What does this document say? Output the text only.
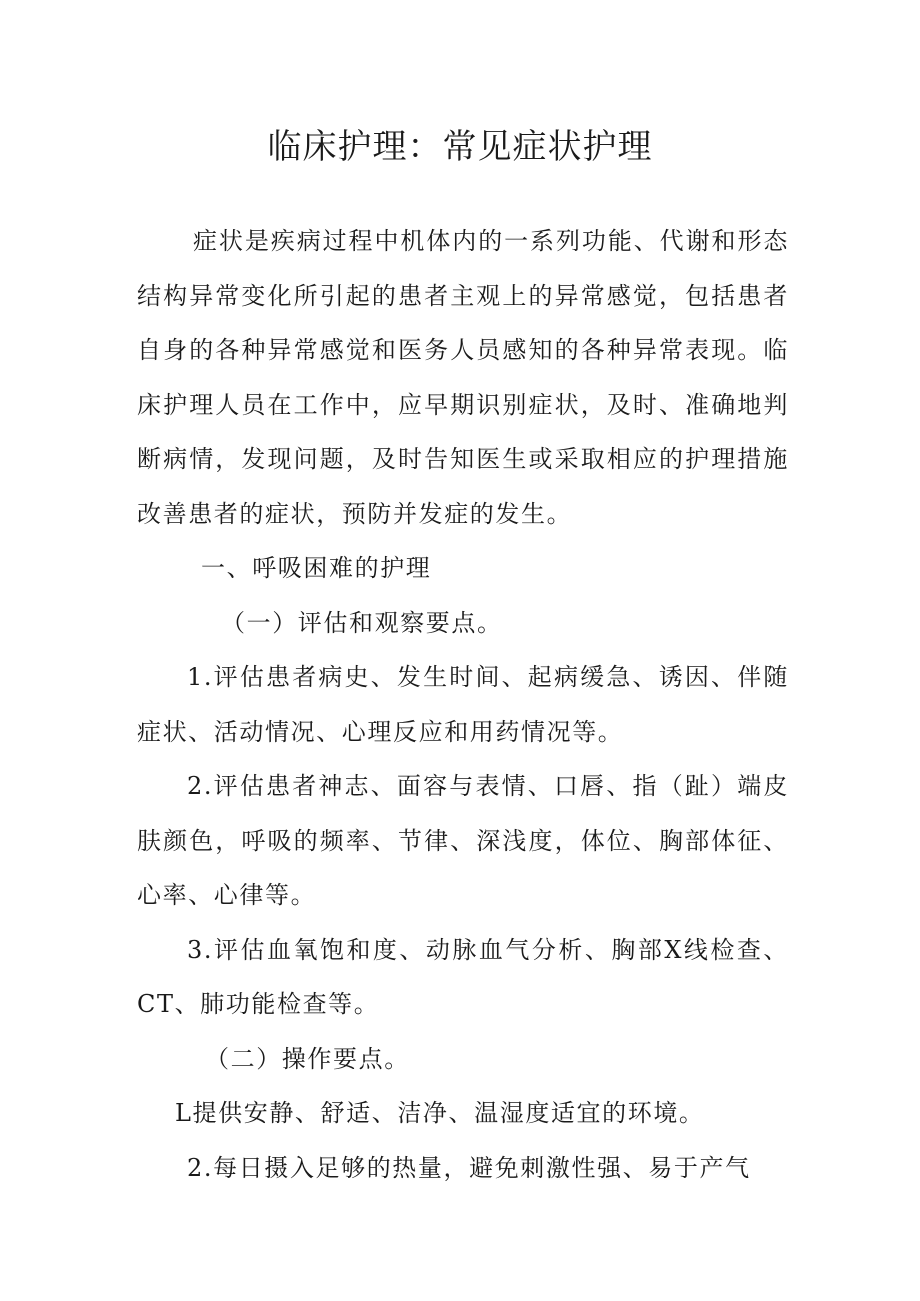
临床护理：常见症状护理

症状是疾病过程中机体内的一系列功能、代谢和形态结构异常变化所引起的患者主观上的异常感觉，包括患者自身的各种异常感觉和医务人员感知的各种异常表现。临床护理人员在工作中，应早期识别症状，及时、准确地判断病情，发现问题，及时告知医生或采取相应的护理措施改善患者的症状，预防并发症的发生。

一、呼吸困难的护理

（一）评估和观察要点。

1.评估患者病史、发生时间、起病缓急、诱因、伴随症状、活动情况、心理反应和用药情况等。

2.评估患者神志、面容与表情、口唇、指（趾）端皮肤颜色，呼吸的频率、节律、深浅度，体位、胸部体征、心率、心律等。

3.评估血氧饱和度、动脉血气分析、胸部X线检查、CT、肺功能检查等。

（二）操作要点。

L提供安静、舒适、洁净、温湿度适宜的环境。

2.每日摄入足够的热量，避免刺激性强、易于产气
